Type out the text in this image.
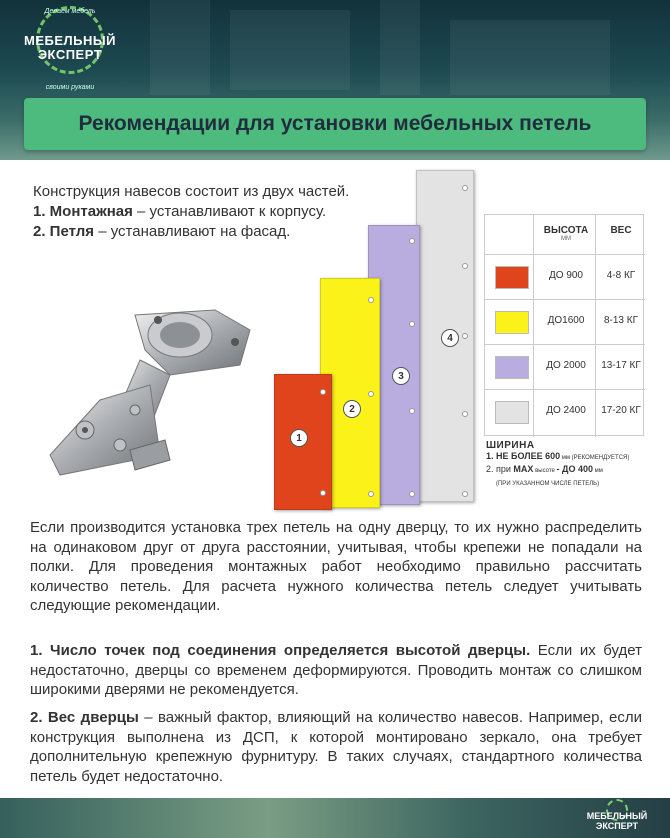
Делаем мебель
МЕБЕЛЬНЫЙ
ЭКСПЕРТ
своими руками
Рекомендации для установки мебельных петель
Конструкция навесов состоит из двух частей.
1. Монтажная – устанавливают к корпусу.
2. Петля – устанавливают на фасад.
4
3
2
1
ВЫСОТА
ММ
ВЕС
ДО 900	4-8 КГ
ДО1600	8-13 КГ
ДО 2000	13-17 КГ
ДО 2400	17-20 КГ
ШИРИНА
1. НЕ БОЛЕЕ 600 мм (РЕКОМЕНДУЕТСЯ)
2. при MAX высоте - ДО 400 мм
(ПРИ УКАЗАННОМ ЧИСЛЕ ПЕТЕЛЬ)
Если производится установка трех петель на одну дверцу, то их нужно распределить на одинаковом друг от друга расстоянии, учитывая, чтобы крепежи не попадали на полки. Для проведения монтажных работ необходимо правильно рассчитать количество петель. Для расчета нужного количества петель следует учитывать следующие рекомендации.
1. Число точек под соединения определяется высотой дверцы. Если их будет недостаточно, дверцы со временем деформируются. Проводить монтаж со слишком широкими дверями не рекомендуется.
2. Вес дверцы – важный фактор, влияющий на количество навесов. Например, если конструкция выполнена из ДСП, к которой монтировано зеркало, она требует дополнительную крепежную фурнитуру. В таких случаях, стандартного количества петель будет недостаточно.
МЕБЕЛЬНЫЙ
ЭКСПЕРТ
